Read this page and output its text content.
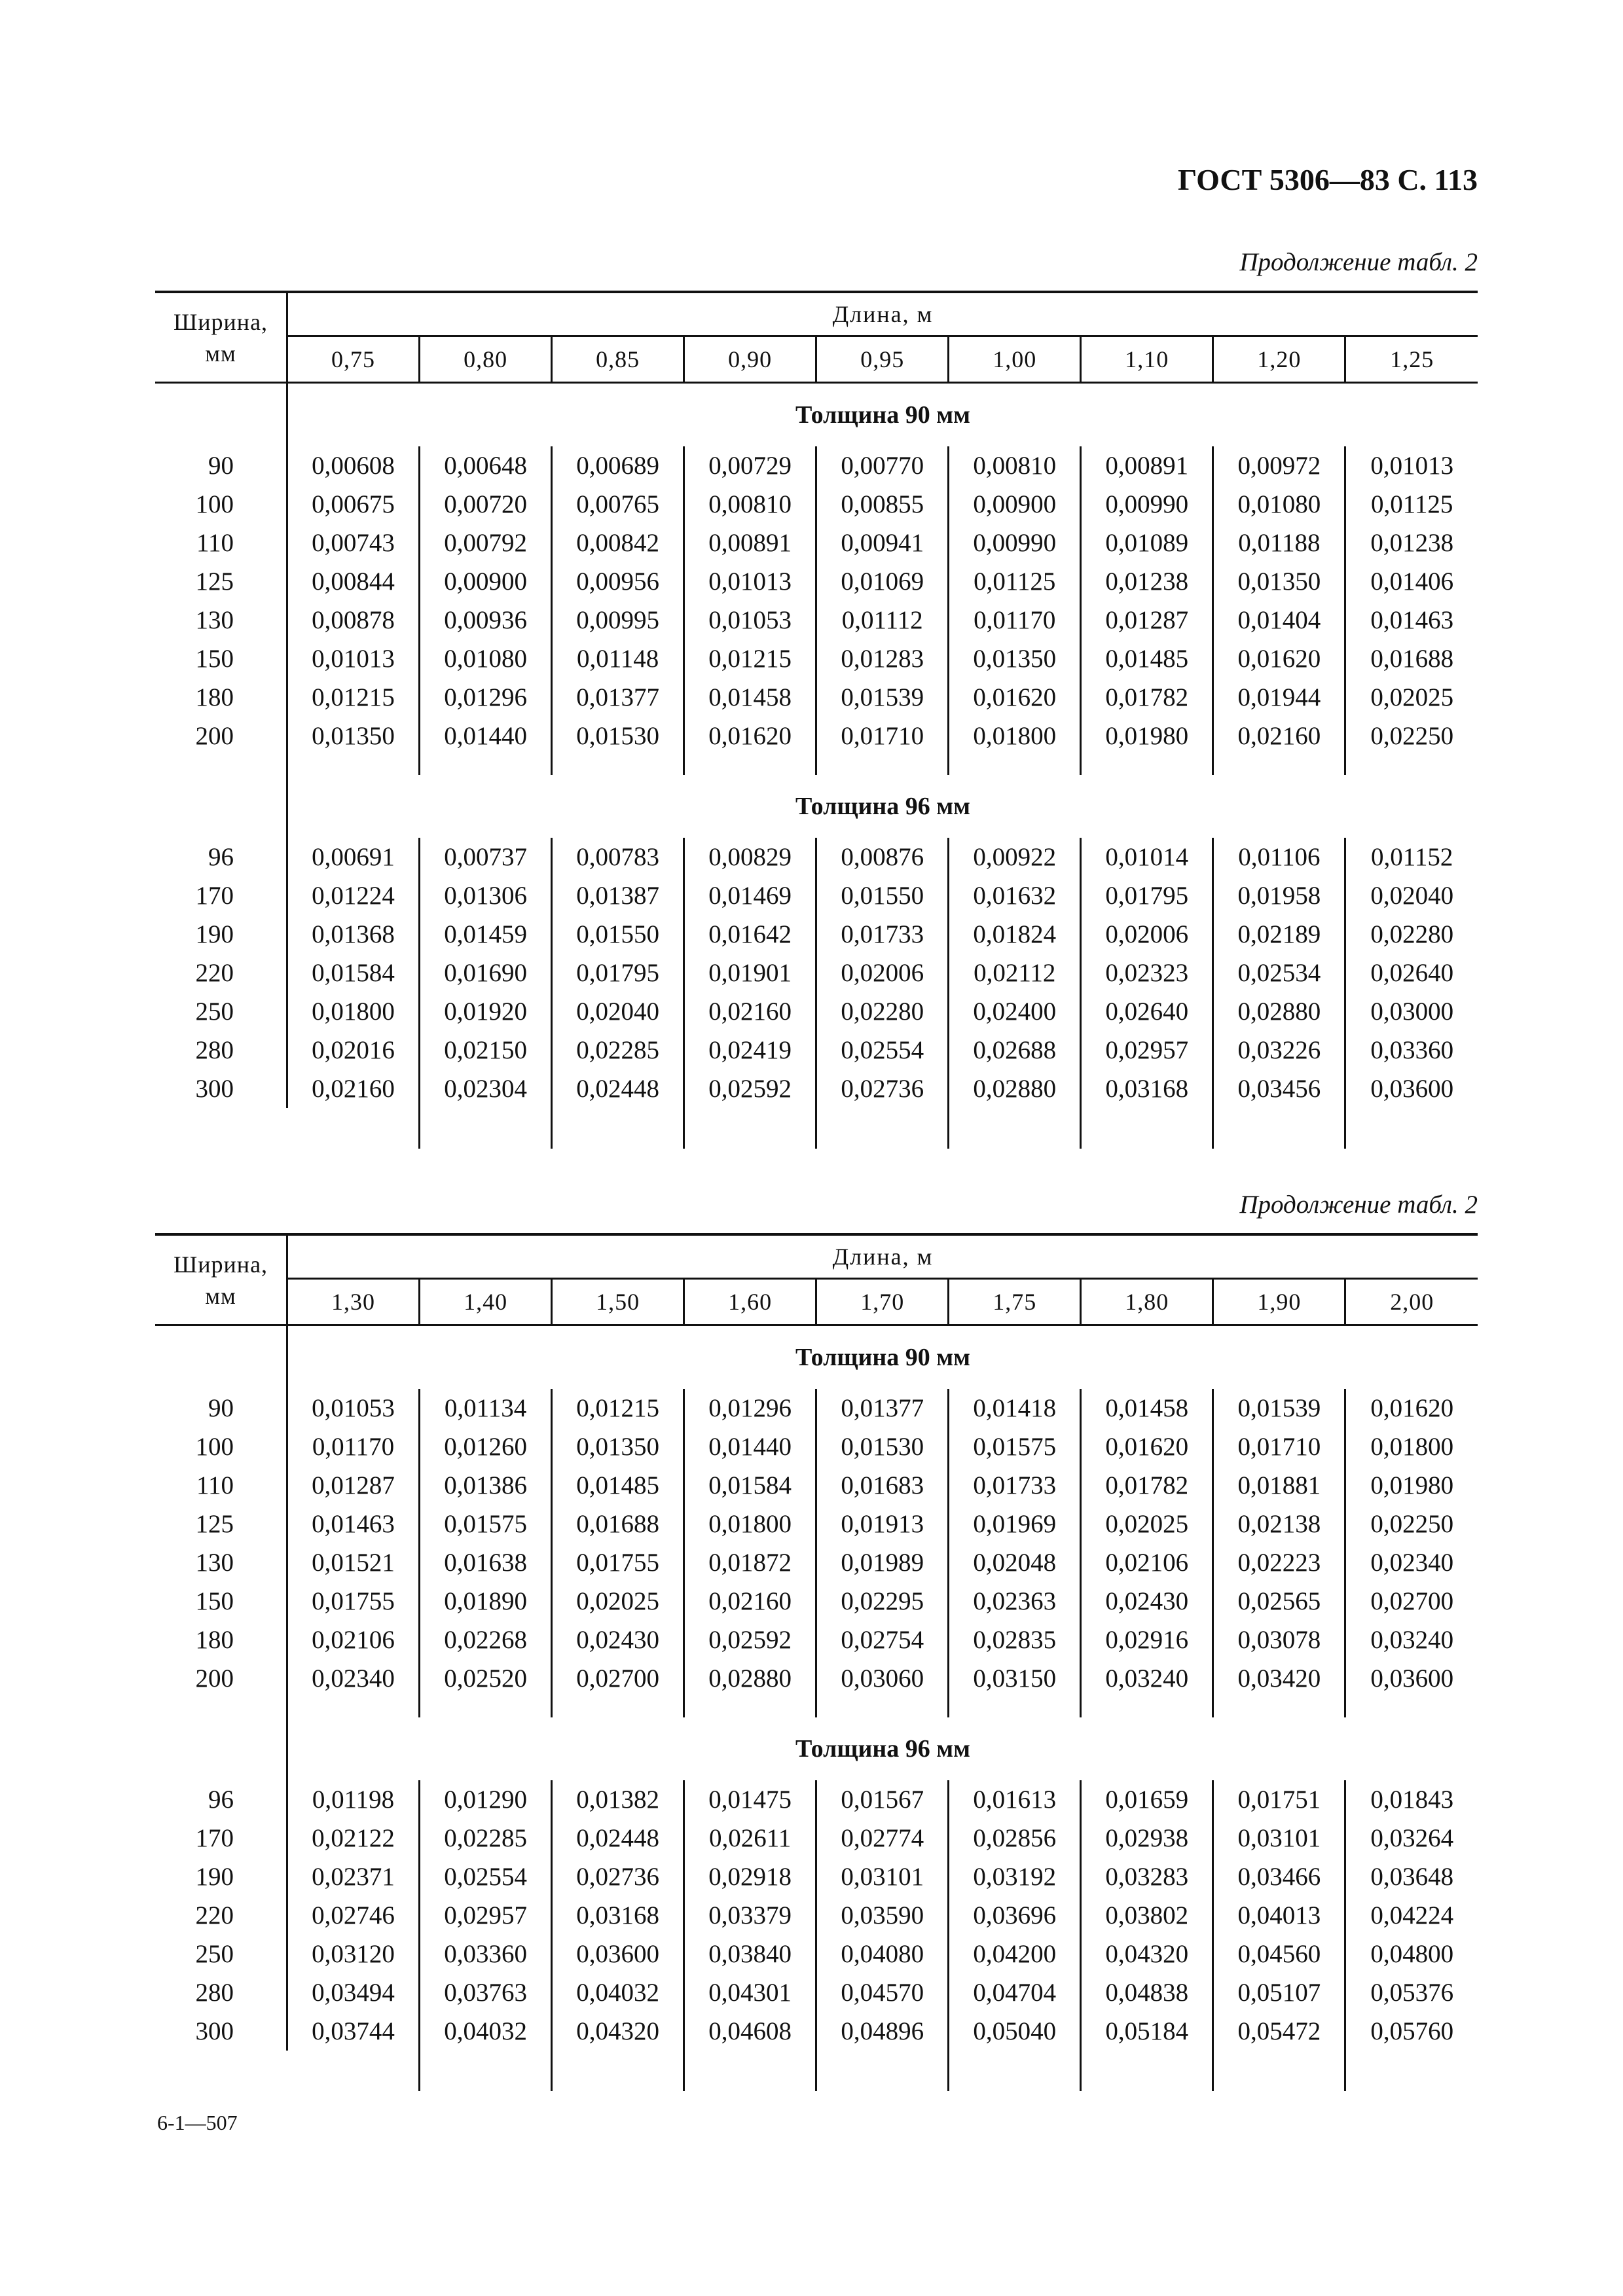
ГОСТ 5306—83 С. 113
Продолжение табл. 2
Ширина,
мм	Длина, м								
	0,75	0,80	0,85	0,90	0,95	1,00	1,10	1,20	1,25
	Толщина 90 мм								
90	0,00608	0,00648	0,00689	0,00729	0,00770	0,00810	0,00891	0,00972	0,01013
100	0,00675	0,00720	0,00765	0,00810	0,00855	0,00900	0,00990	0,01080	0,01125
110	0,00743	0,00792	0,00842	0,00891	0,00941	0,00990	0,01089	0,01188	0,01238
125	0,00844	0,00900	0,00956	0,01013	0,01069	0,01125	0,01238	0,01350	0,01406
130	0,00878	0,00936	0,00995	0,01053	0,01112	0,01170	0,01287	0,01404	0,01463
150	0,01013	0,01080	0,01148	0,01215	0,01283	0,01350	0,01485	0,01620	0,01688
180	0,01215	0,01296	0,01377	0,01458	0,01539	0,01620	0,01782	0,01944	0,02025
200	0,01350	0,01440	0,01530	0,01620	0,01710	0,01800	0,01980	0,02160	0,02250

	Толщина 96 мм								
96	0,00691	0,00737	0,00783	0,00829	0,00876	0,00922	0,01014	0,01106	0,01152
170	0,01224	0,01306	0,01387	0,01469	0,01550	0,01632	0,01795	0,01958	0,02040
190	0,01368	0,01459	0,01550	0,01642	0,01733	0,01824	0,02006	0,02189	0,02280
220	0,01584	0,01690	0,01795	0,01901	0,02006	0,02112	0,02323	0,02534	0,02640
250	0,01800	0,01920	0,02040	0,02160	0,02280	0,02400	0,02640	0,02880	0,03000
280	0,02016	0,02150	0,02285	0,02419	0,02554	0,02688	0,02957	0,03226	0,03360
300	0,02160	0,02304	0,02448	0,02592	0,02736	0,02880	0,03168	0,03456	0,03600

Продолжение табл. 2
Ширина,
мм	Длина, м								
	1,30	1,40	1,50	1,60	1,70	1,75	1,80	1,90	2,00
	Толщина 90 мм								
90	0,01053	0,01134	0,01215	0,01296	0,01377	0,01418	0,01458	0,01539	0,01620
100	0,01170	0,01260	0,01350	0,01440	0,01530	0,01575	0,01620	0,01710	0,01800
110	0,01287	0,01386	0,01485	0,01584	0,01683	0,01733	0,01782	0,01881	0,01980
125	0,01463	0,01575	0,01688	0,01800	0,01913	0,01969	0,02025	0,02138	0,02250
130	0,01521	0,01638	0,01755	0,01872	0,01989	0,02048	0,02106	0,02223	0,02340
150	0,01755	0,01890	0,02025	0,02160	0,02295	0,02363	0,02430	0,02565	0,02700
180	0,02106	0,02268	0,02430	0,02592	0,02754	0,02835	0,02916	0,03078	0,03240
200	0,02340	0,02520	0,02700	0,02880	0,03060	0,03150	0,03240	0,03420	0,03600

	Толщина 96 мм								
96	0,01198	0,01290	0,01382	0,01475	0,01567	0,01613	0,01659	0,01751	0,01843
170	0,02122	0,02285	0,02448	0,02611	0,02774	0,02856	0,02938	0,03101	0,03264
190	0,02371	0,02554	0,02736	0,02918	0,03101	0,03192	0,03283	0,03466	0,03648
220	0,02746	0,02957	0,03168	0,03379	0,03590	0,03696	0,03802	0,04013	0,04224
250	0,03120	0,03360	0,03600	0,03840	0,04080	0,04200	0,04320	0,04560	0,04800
280	0,03494	0,03763	0,04032	0,04301	0,04570	0,04704	0,04838	0,05107	0,05376
300	0,03744	0,04032	0,04320	0,04608	0,04896	0,05040	0,05184	0,05472	0,05760

6-1—507
